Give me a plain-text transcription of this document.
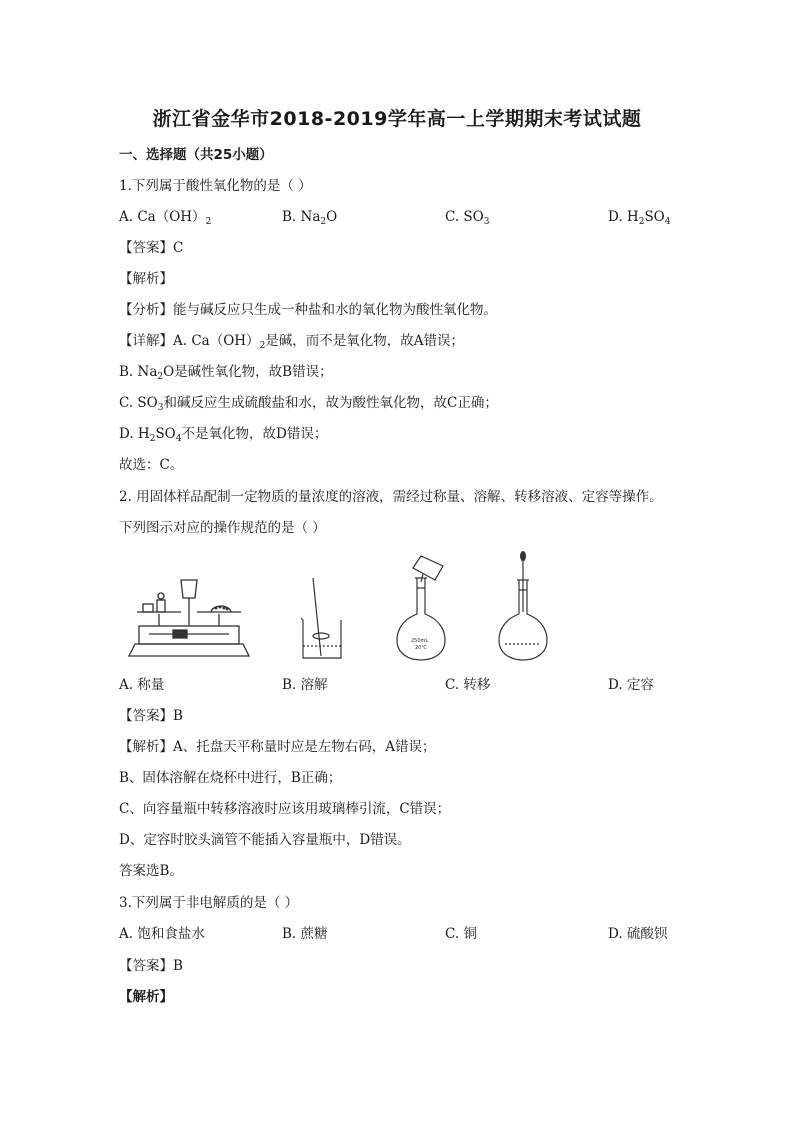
浙江省金华市2018-2019学年高一上学期期末考试试题
一、选择题（共25小题）
1.下列属于酸性氧化物的是（ ）
A. $Ca(OH)_2$	B. $Na_2O$	C. $SO_3$	D. $H_2SO_4$
【答案】C
【解析】
【分析】能与碱反应只生成一种盐和水的氧化物为酸性氧化物。
【详解】A. $Ca(OH)_2$是碱，而不是氧化物，故A错误；
B. $Na_2O$是碱性氧化物，故B错误；
C. $SO_3$和碱反应生成硫酸盐和水，故为酸性氧化物，故C正确；
D. $H_2SO_4$不是氧化物，故D错误；
故选：C。
2. 用固体样品配制一定物质的量浓度的溶液，需经过称量、溶解、转移溶液、定容等操作。
下列图示对应的操作规范的是（ ）
250mL
20℃
A. 称量	B. 溶解	C. 转移	D. 定容
【答案】B
【解析】A、托盘天平称量时应是左物右码，A错误；
B、固体溶解在烧杯中进行，B正确；
C、向容量瓶中转移溶液时应该用玻璃棒引流，C错误；
D、定容时胶头滴管不能插入容量瓶中，D错误。
答案选B。
3.下列属于非电解质的是（ ）
A. 饱和食盐水	B. 蔗糖	C. 铜	D. 硫酸钡
【答案】B
【解析】
